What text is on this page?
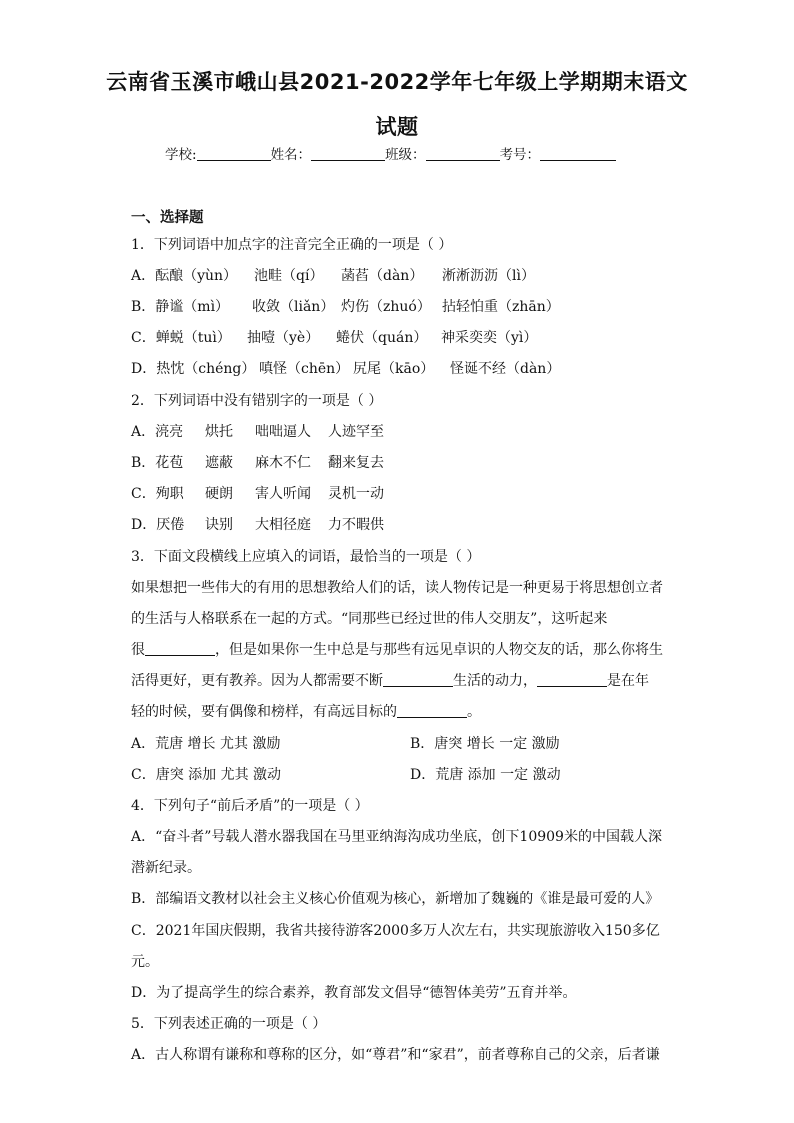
云南省玉溪市峨山县2021-2022学年七年级上学期期末语文
试题
学校:	姓名：	班级：	考号：
一、选择题
1．下列词语中加点字的注音完全正确的一项是（ ）
A．酝酿（yùn） 池畦（qí） 菡萏（dàn） 淅淅沥沥（lì）
B．静谧（mì） 收敛（liǎn） 灼伤（zhuó） 拈轻怕重（zhān）
C．蝉蜕（tuì） 抽噎（yè） 蜷伏（quán） 神采奕奕（yì）
D．热忱（chéng） 嗔怪（chēn） 尻尾（kāo） 怪诞不经（dàn）
2．下列词语中没有错别字的一项是（ ）
A．湸亮 烘托 咄咄逼人 人迹罕至
B．花苞 遮蔽 麻木不仁 翻来复去
C．殉职 硬朗 害人听闻 灵机一动
D．厌倦 诀别 大相径庭 力不暇供
3．下面文段横线上应填入的词语，最恰当的一项是（ ）
如果想把一些伟大的有用的思想教给人们的话，读人物传记是一种更易于将思想创立者
的生活与人格联系在一起的方式。“同那些已经过世的伟人交朋友”，这听起来
很	，但是如果你一生中总是与那些有远见卓识的人物交友的话，那么你将生
活得更好，更有教养。因为人都需要不断	生活的动力，	是在年
轻的时候，要有偶像和榜样，有高远目标的	。
A．荒唐 增长 尤其 激励	B．唐突 增长 一定 激励
C．唐突 添加 尤其 激动	D．荒唐 添加 一定 激动
4．下列句子“前后矛盾”的一项是（ ）
A．“奋斗者”号载人潜水器我国在马里亚纳海沟成功坐底，创下10909米的中国载人深
潜新纪录。
B．部编语文教材以社会主义核心价值观为核心，新增加了魏巍的《谁是最可爱的人》
C．2021年国庆假期，我省共接待游客2000多万人次左右，共实现旅游收入150多亿
元。
D．为了提高学生的综合素养，教育部发文倡导“德智体美劳”五育并举。
5．下列表述正确的一项是（ ）
A．古人称谓有谦称和尊称的区分，如“尊君”和“家君”，前者尊称自己的父亲，后者谦
